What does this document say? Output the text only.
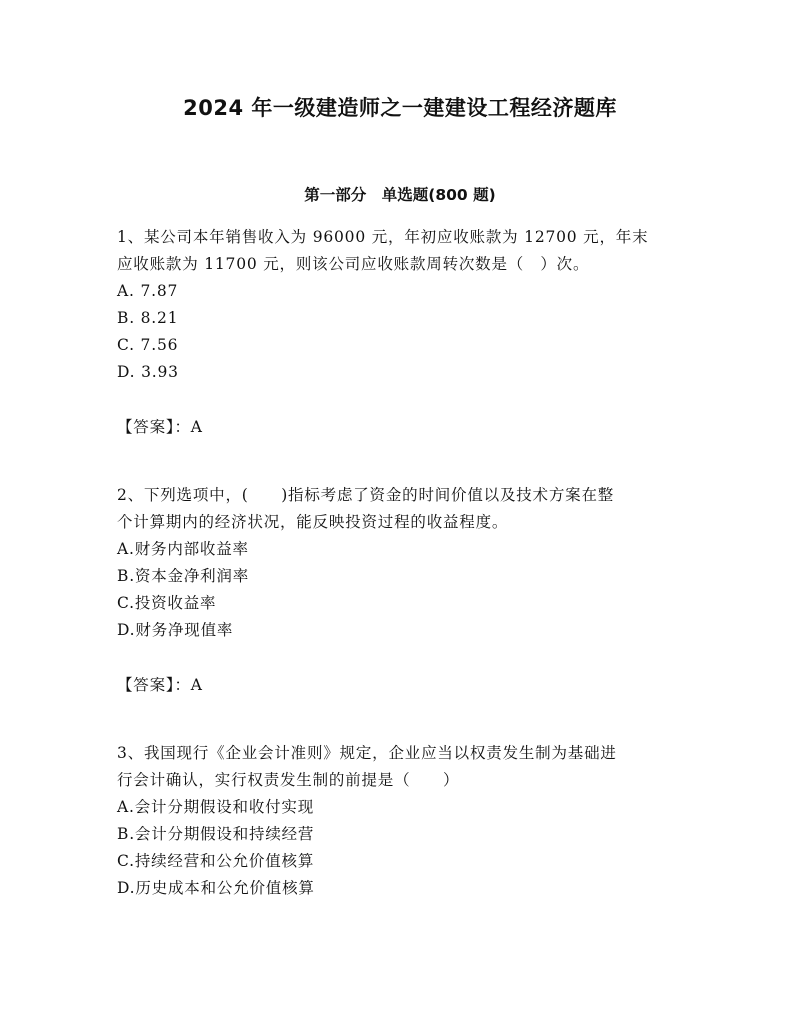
2024 年一级建造师之一建建设工程经济题库
第一部分　单选题(800 题)

1、某公司本年销售收入为 96000 元，年初应收账款为 12700 元，年末

应收账款为 11700 元，则该公司应收账款周转次数是（　）次。

A. 7.87

B. 8.21

C. 7.56

D. 3.93

【答案】：A

2、下列选项中，(　　)指标考虑了资金的时间价值以及技术方案在整

个计算期内的经济状况，能反映投资过程的收益程度。

A.财务内部收益率

B.资本金净利润率

C.投资收益率

D.财务净现值率

【答案】：A

3、我国现行《企业会计准则》规定，企业应当以权责发生制为基础进

行会计确认，实行权责发生制的前提是（　　）

A.会计分期假设和收付实现

B.会计分期假设和持续经营

C.持续经营和公允价值核算

D.历史成本和公允价值核算
